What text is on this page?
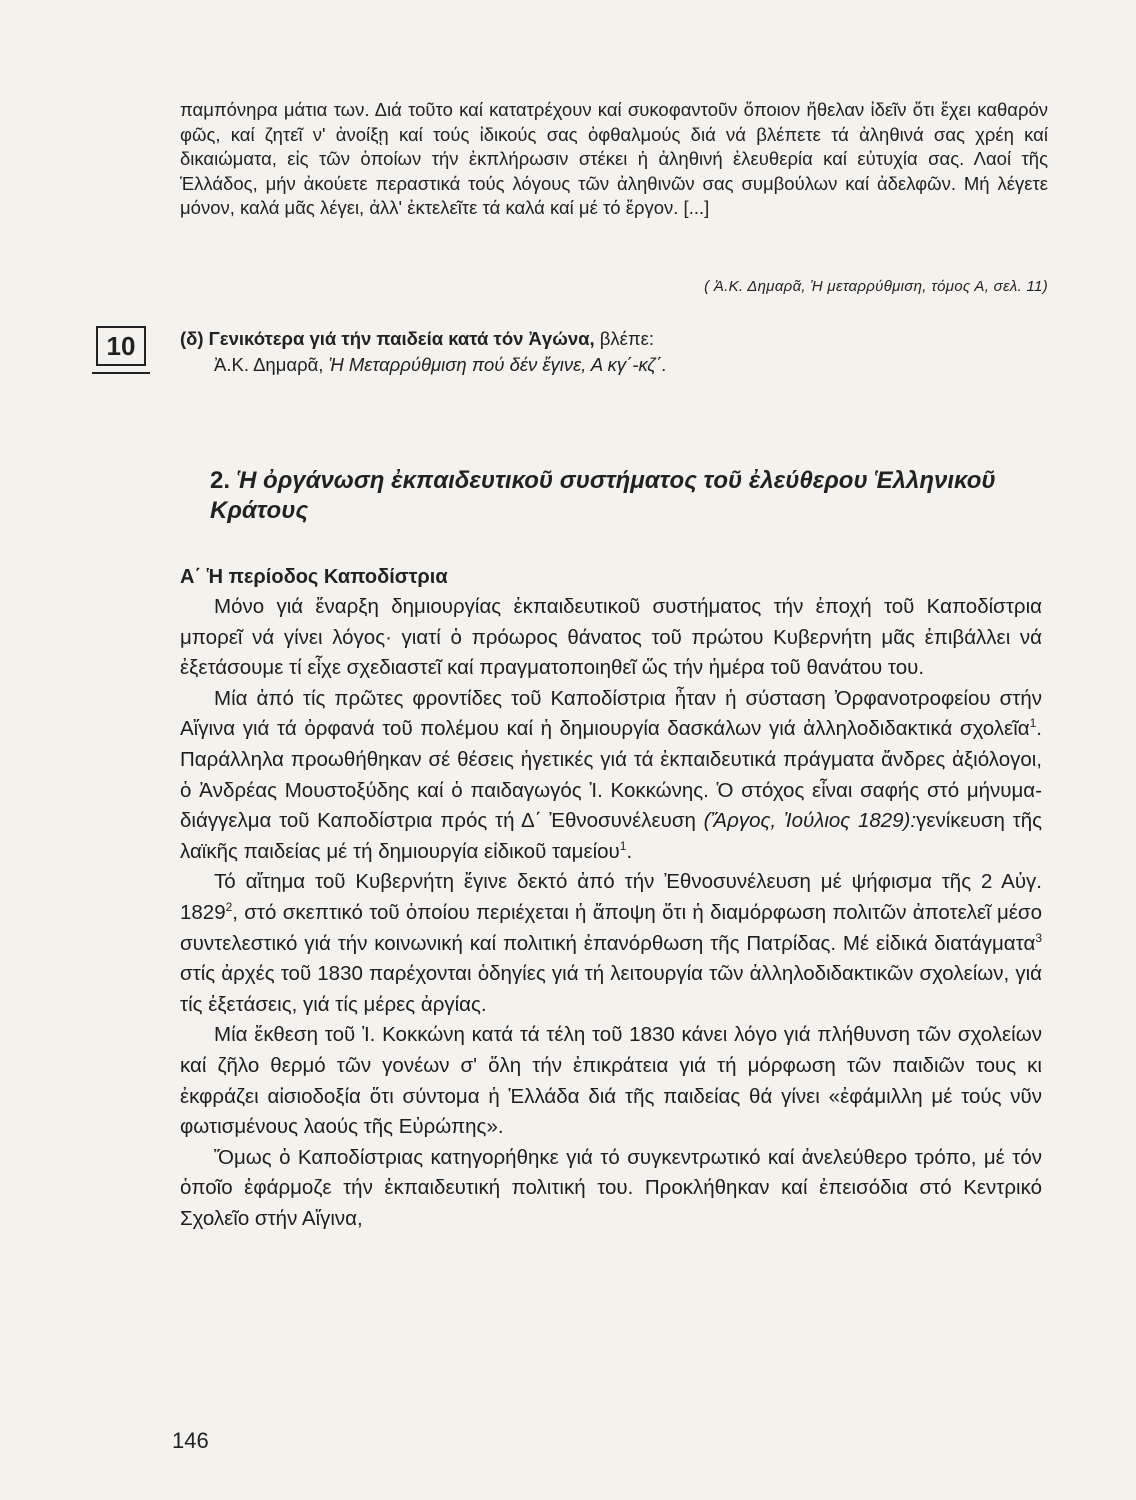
παμπόνηρα μάτια των. Διά τοῦτο καί κατατρέχουν καί συκοφαντοῦν ὅποιον ἤθελαν ἰδεῖν ὅτι ἔχει καθαρόν φῶς, καί ζητεῖ ν' ἀνοίξῃ καί τούς ἰδικούς σας ὀφθαλμούς διά νά βλέπετε τά ἀληθινά σας χρέη καί δικαιώματα, εἰς τῶν ὁποίων τήν ἐκπλήρωσιν στέκει ἡ ἀληθινή ἐλευθερία καί εὐτυχία σας. Λαοί τῆς Ἑλλάδος, μήν ἀκούετε περαστικά τούς λόγους τῶν ἀληθινῶν σας συμβούλων καί ἀδελφῶν. Μή λέγετε μόνον, καλά μᾶς λέγει, ἀλλ' ἐκτελεῖτε τά καλά καί μέ τό ἔργον. [...]

( Ἀ.Κ. Δημαρᾶ, Ἡ μεταρρύθμιση, τόμος Α, σελ. 11)
10	(δ) Γενικότερα γιά τήν παιδεία κατά τόν Ἀγώνα, βλέπε:
Ἀ.Κ. Δημαρᾶ, Ἡ Μεταρρύθμιση πού δέν ἔγινε, Α κγ΄-κζ΄.
2. Ἡ ὀργάνωση ἐκπαιδευτικοῦ συστήματος τοῦ ἐλεύθερου Ἑλληνικοῦ Κράτους
Α΄ Ἡ περίοδος Καποδίστρια

Μόνο γιά ἔναρξη δημιουργίας ἐκπαιδευτικοῦ συστήματος τήν ἐποχή τοῦ Καποδίστρια μπορεῖ νά γίνει λόγος· γιατί ὁ πρόωρος θάνατος τοῦ πρώτου Κυβερνήτη μᾶς ἐπιβάλλει νά ἐξετάσουμε τί εἶχε σχεδιαστεῖ καί πραγματοποιηθεῖ ὥς τήν ἡμέρα τοῦ θανάτου του.

Μία ἀπό τίς πρῶτες φροντίδες τοῦ Καποδίστρια ἦταν ἡ σύσταση Ὀρφανοτροφείου στήν Αἴγινα γιά τά ὀρφανά τοῦ πολέμου καί ἡ δημιουργία δασκάλων γιά ἀλληλοδιδακτικά σχολεῖα$^1$. Παράλληλα προωθήθηκαν σέ θέσεις ἡγετικές γιά τά ἐκπαιδευτικά πράγματα ἄνδρες ἀξιόλογοι, ὁ Ἀνδρέας Μουστοξύδης καί ὁ παιδαγωγός Ἰ. Κοκκώνης. Ὁ στόχος εἶναι σαφής στό μήνυμα-διάγγελμα τοῦ Καποδίστρια πρός τή Δ΄ Ἐθνοσυνέλευση (Ἄργος, Ἰούλιος 1829):γενίκευση τῆς λαϊκῆς παιδείας μέ τή δημιουργία εἰδικοῦ ταμείου$^1$.

Τό αἴτημα τοῦ Κυβερνήτη ἔγινε δεκτό ἀπό τήν Ἐθνοσυνέλευση μέ ψήφισμα τῆς 2 Αὐγ. 1829$^2$, στό σκεπτικό τοῦ ὁποίου περιέχεται ἡ ἄποψη ὅτι ἡ διαμόρφωση πολιτῶν ἀποτελεῖ μέσο συντελεστικό γιά τήν κοινωνική καί πολιτική ἐπανόρθωση τῆς Πατρίδας. Μέ εἰδικά διατάγματα$^3$ στίς ἀρχές τοῦ 1830 παρέχονται ὁδηγίες γιά τή λειτουργία τῶν ἀλληλοδιδακτικῶν σχολείων, γιά τίς ἐξετάσεις, γιά τίς μέρες ἀργίας.

Μία ἔκθεση τοῦ Ἰ. Κοκκώνη κατά τά τέλη τοῦ 1830 κάνει λόγο γιά πλήθυνση τῶν σχολείων καί ζῆλο θερμό τῶν γονέων σ' ὅλη τήν ἐπικράτεια γιά τή μόρφωση τῶν παιδιῶν τους κι ἐκφράζει αἰσιοδοξία ὅτι σύντομα ἡ Ἑλλάδα διά τῆς παιδείας θά γίνει «ἐφάμιλλη μέ τούς νῦν φωτισμένους λαούς τῆς Εὐρώπης».

Ὅμως ὁ Καποδίστριας κατηγορήθηκε γιά τό συγκεντρωτικό καί ἀνελεύθερο τρόπο, μέ τόν ὁποῖο ἐφάρμοζε τήν ἐκπαιδευτική πολιτική του. Προκλήθηκαν καί ἐπεισόδια στό Κεντρικό Σχολεῖο στήν Αἴγινα,

146
